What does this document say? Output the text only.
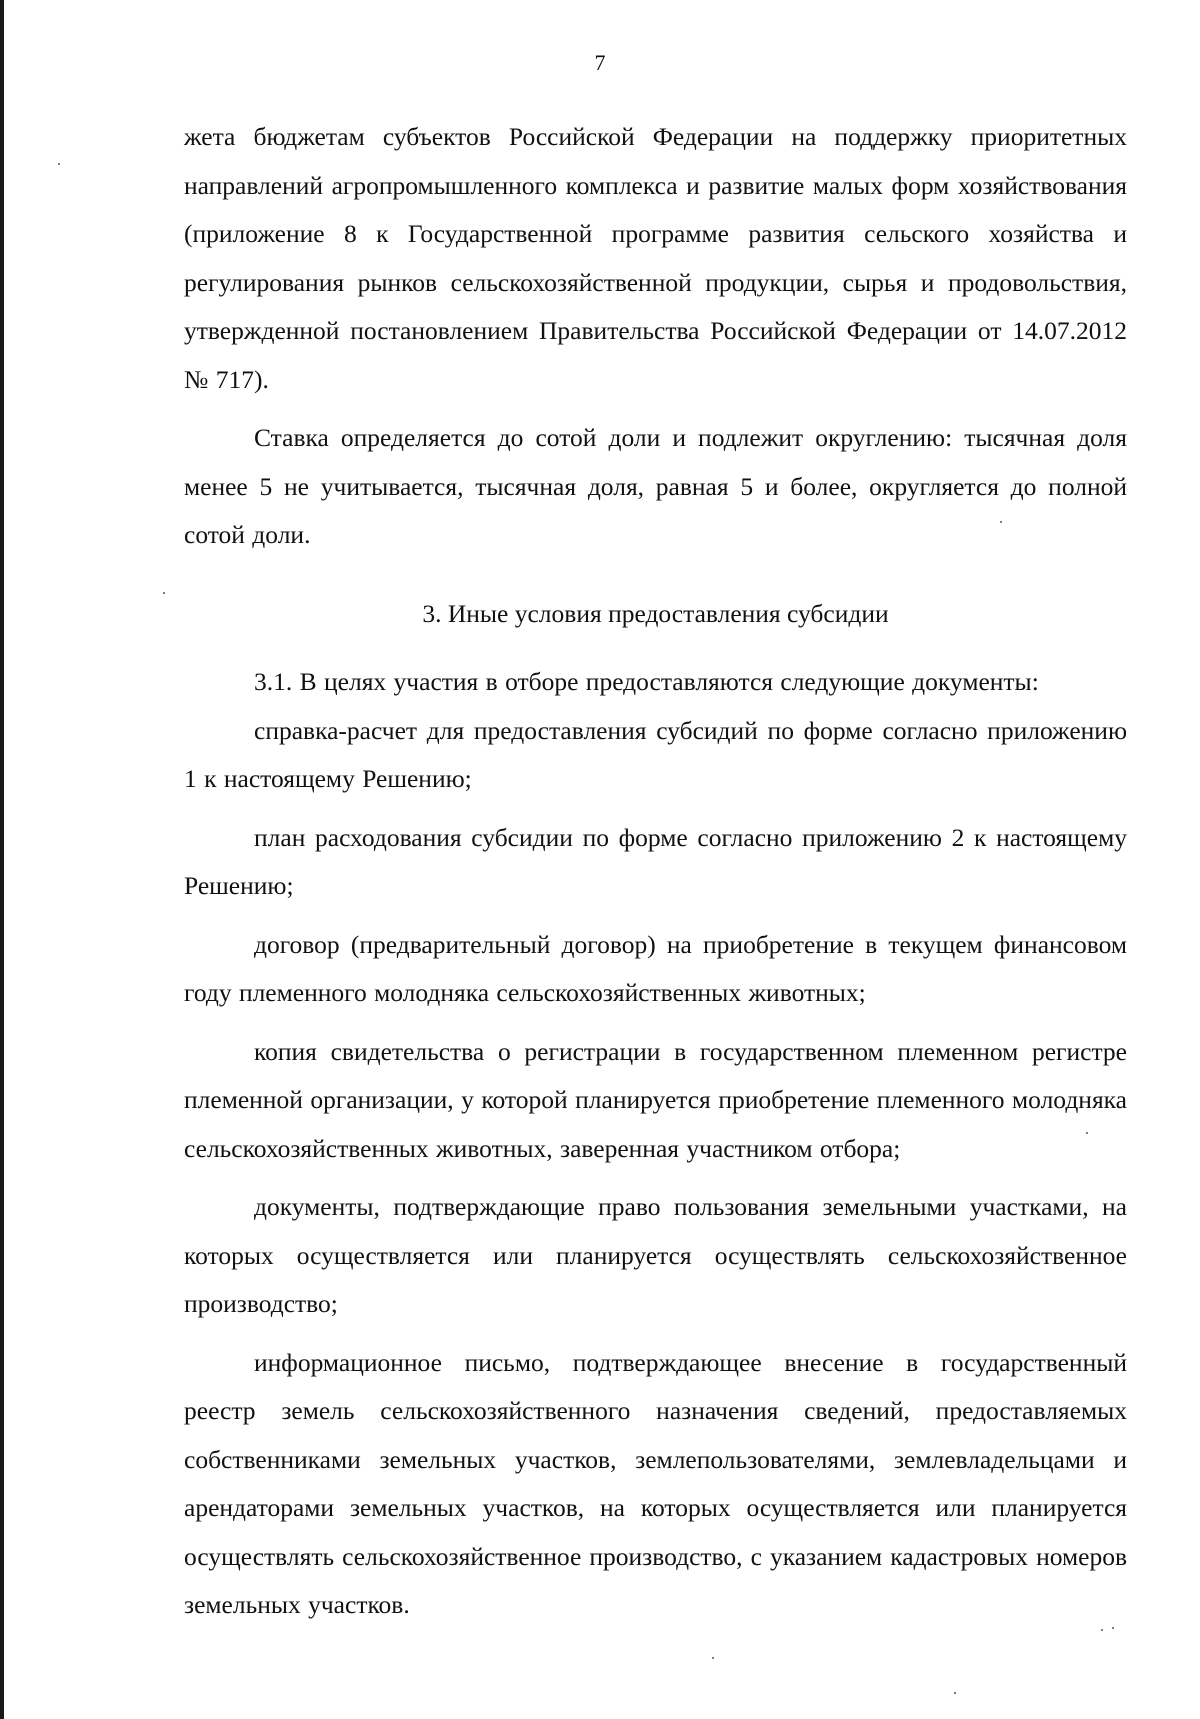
7

жета бюджетам субъектов Российской Федерации на поддержку приоритетных направлений агропромышленного комплекса и развитие малых форм хозяйствования (приложение 8 к Государственной программе развития сельского хозяйства и регулирования рынков сельскохозяйственной продукции, сырья и продовольствия, утвержденной постановлением Правительства Российской Федерации от 14.07.2012 № 717).

Ставка определяется до сотой доли и подлежит округлению: тысячная доля менее 5 не учитывается, тысячная доля, равная 5 и более, округляется до полной сотой доли.

3. Иные условия предоставления субсидии

3.1. В целях участия в отборе предоставляются следующие документы:

справка-расчет для предоставления субсидий по форме согласно приложению 1 к настоящему Решению;

план расходования субсидии по форме согласно приложению 2 к настоящему Решению;

договор (предварительный договор) на приобретение в текущем финансовом году племенного молодняка сельскохозяйственных животных;

копия свидетельства о регистрации в государственном племенном регистре племенной организации, у которой планируется приобретение племенного молодняка сельскохозяйственных животных, заверенная участником отбора;

документы, подтверждающие право пользования земельными участками, на которых осуществляется или планируется осуществлять сельскохозяйственное производство;

информационное письмо, подтверждающее внесение в государственный реестр земель сельскохозяйственного назначения сведений, предоставляемых собственниками земельных участков, землепользователями, землевладельцами и арендаторами земельных участков, на которых осуществляется или планируется осуществлять сельскохозяйственное производство, с указанием кадастровых номеров земельных участков.
